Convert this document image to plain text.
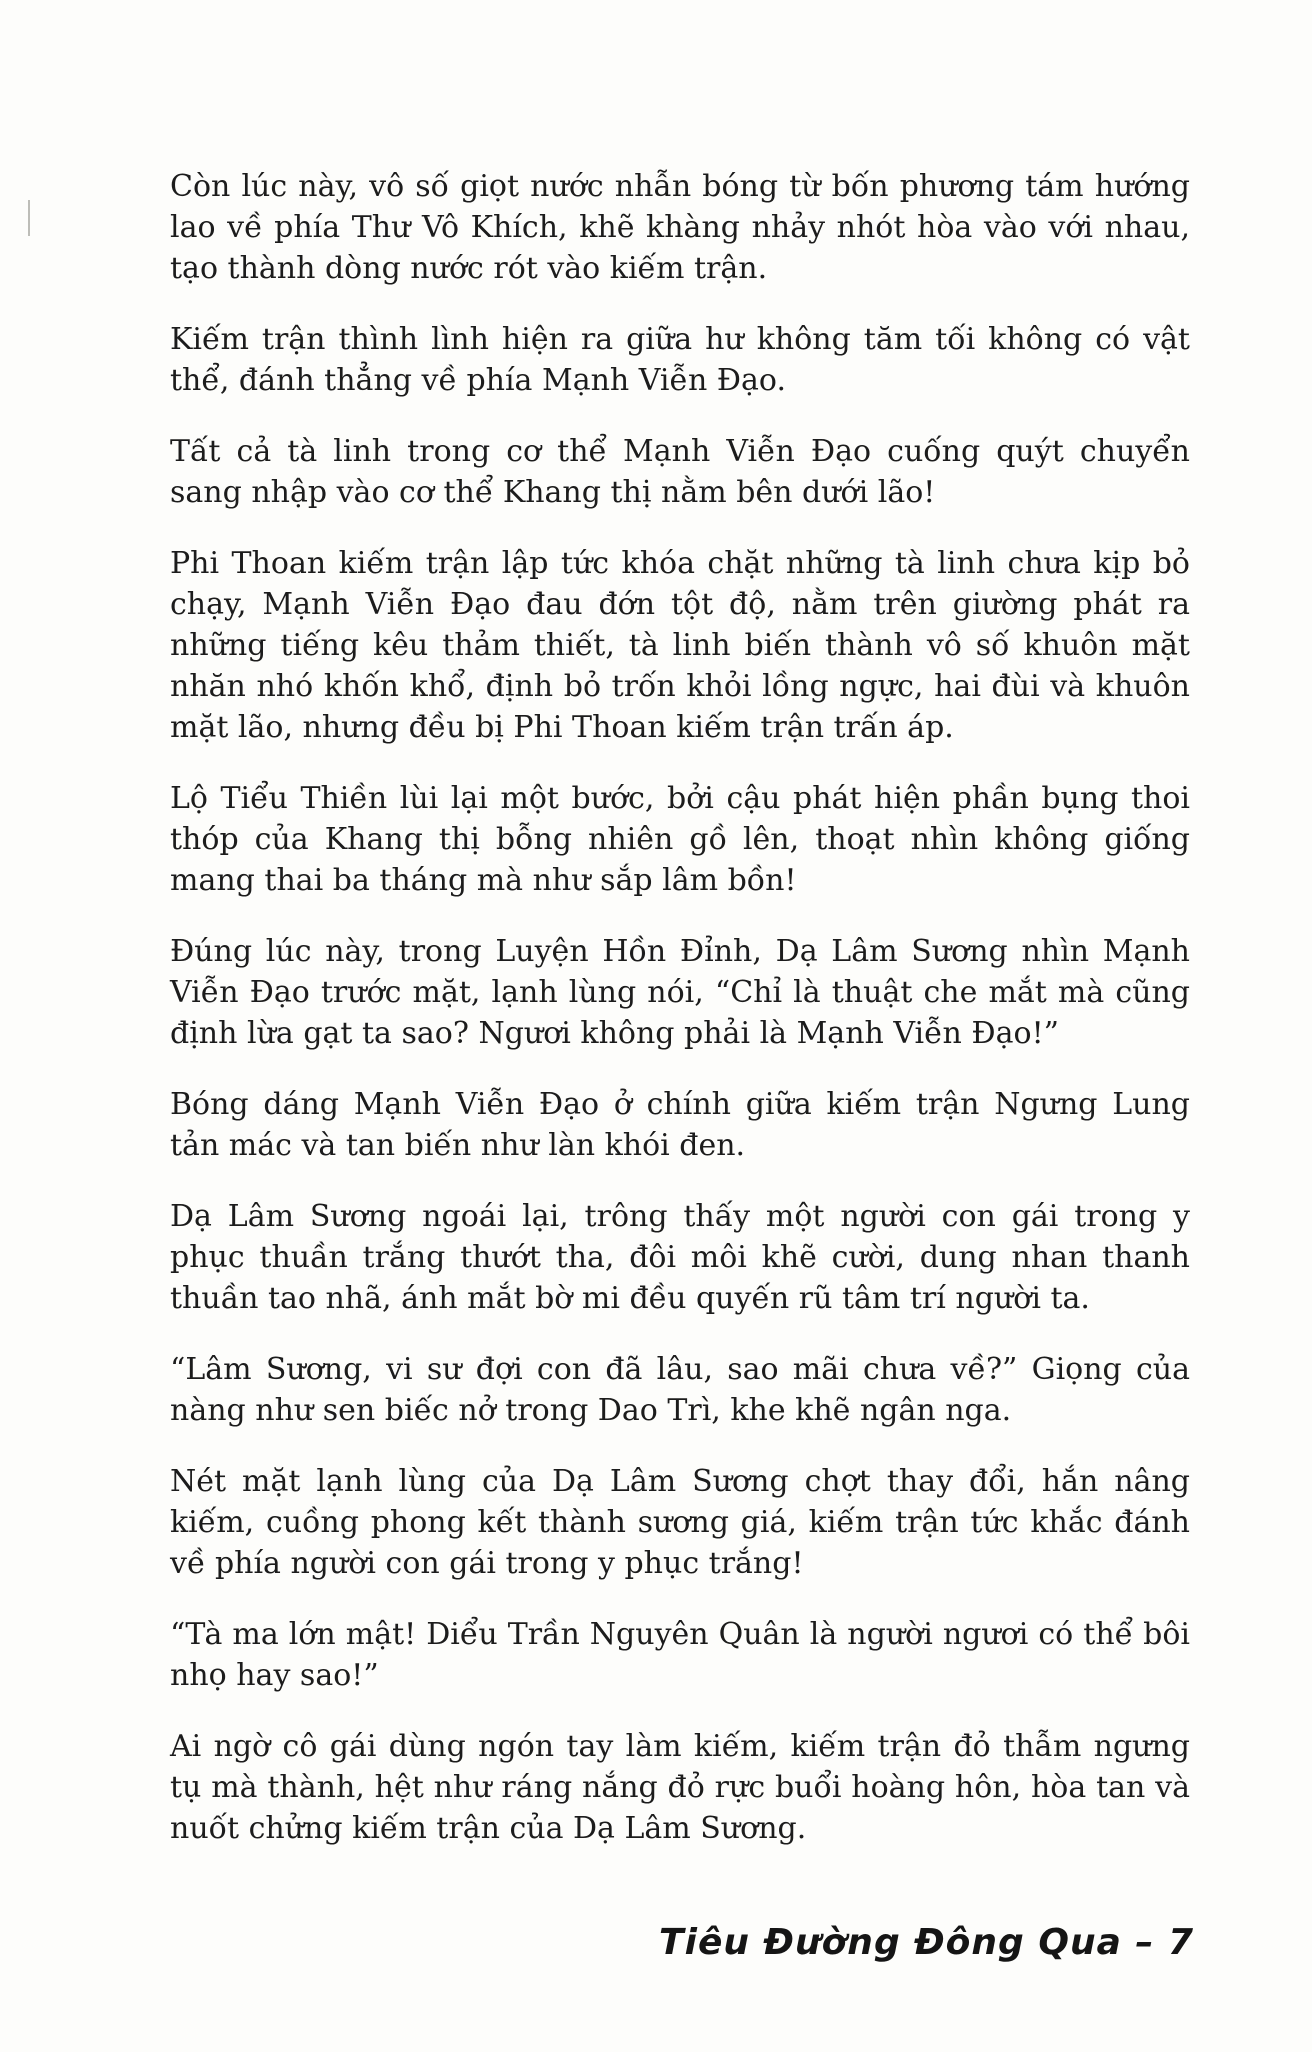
Còn lúc này, vô số giọt nước nhẫn bóng từ bốn phương tám hướng lao về phía Thư Vô Khích, khẽ khàng nhảy nhót hòa vào với nhau, tạo thành dòng nước rót vào kiếm trận.

Kiếm trận thình lình hiện ra giữa hư không tăm tối không có vật thể, đánh thẳng về phía Mạnh Viễn Đạo.

Tất cả tà linh trong cơ thể Mạnh Viễn Đạo cuống quýt chuyển sang nhập vào cơ thể Khang thị nằm bên dưới lão!

Phi Thoan kiếm trận lập tức khóa chặt những tà linh chưa kịp bỏ chạy, Mạnh Viễn Đạo đau đớn tột độ, nằm trên giường phát ra những tiếng kêu thảm thiết, tà linh biến thành vô số khuôn mặt nhăn nhó khốn khổ, định bỏ trốn khỏi lồng ngực, hai đùi và khuôn mặt lão, nhưng đều bị Phi Thoan kiếm trận trấn áp.

Lộ Tiểu Thiền lùi lại một bước, bởi cậu phát hiện phần bụng thoi thóp của Khang thị bỗng nhiên gồ lên, thoạt nhìn không giống mang thai ba tháng mà như sắp lâm bồn!

Đúng lúc này, trong Luyện Hồn Đỉnh, Dạ Lâm Sương nhìn Mạnh Viễn Đạo trước mặt, lạnh lùng nói, “Chỉ là thuật che mắt mà cũng định lừa gạt ta sao? Ngươi không phải là Mạnh Viễn Đạo!”

Bóng dáng Mạnh Viễn Đạo ở chính giữa kiếm trận Ngưng Lung tản mác và tan biến như làn khói đen.

Dạ Lâm Sương ngoái lại, trông thấy một người con gái trong y phục thuần trắng thướt tha, đôi môi khẽ cười, dung nhan thanh thuần tao nhã, ánh mắt bờ mi đều quyến rũ tâm trí người ta.

“Lâm Sương, vi sư đợi con đã lâu, sao mãi chưa về?” Giọng của nàng như sen biếc nở trong Dao Trì, khe khẽ ngân nga.

Nét mặt lạnh lùng của Dạ Lâm Sương chợt thay đổi, hắn nâng kiếm, cuồng phong kết thành sương giá, kiếm trận tức khắc đánh về phía người con gái trong y phục trắng!

“Tà ma lớn mật! Diểu Trần Nguyên Quân là người ngươi có thể bôi nhọ hay sao!”

Ai ngờ cô gái dùng ngón tay làm kiếm, kiếm trận đỏ thẫm ngưng tụ mà thành, hệt như ráng nắng đỏ rực buổi hoàng hôn, hòa tan và nuốt chửng kiếm trận của Dạ Lâm Sương.

Tiêu Đường Đông Qua – 7
